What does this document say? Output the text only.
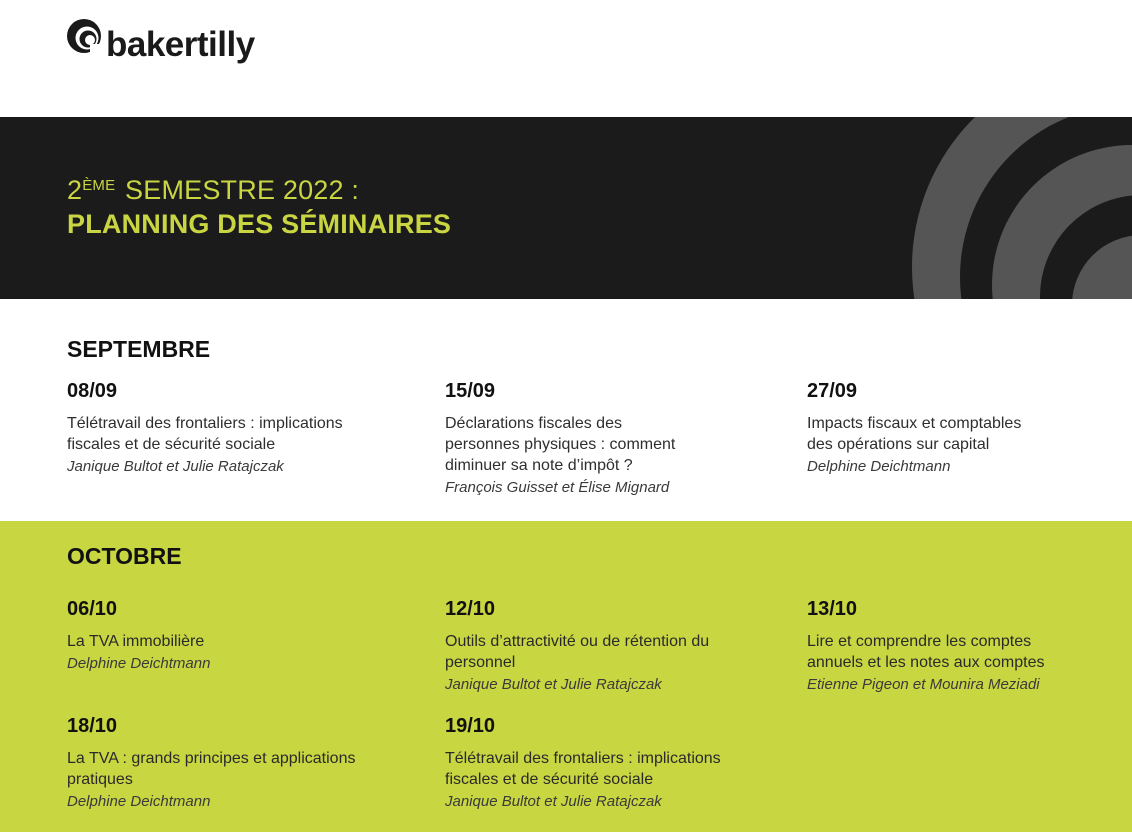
bakertilly
2ÈME SEMESTRE 2022 :
PLANNING DES SÉMINAIRES
SEPTEMBRE
08/09
Télétravail des frontaliers : implications
fiscales et de sécurité sociale
Janique Bultot et Julie Ratajczak
15/09
Déclarations fiscales des
personnes physiques : comment
diminuer sa note d’impôt ?
François Guisset et Élise Mignard
27/09
Impacts fiscaux et comptables
des opérations sur capital
Delphine Deichtmann
OCTOBRE
06/10
La TVA immobilière
Delphine Deichtmann
12/10
Outils d’attractivité ou de rétention du
personnel
Janique Bultot et Julie Ratajczak
13/10
Lire et comprendre les comptes
annuels et les notes aux comptes
Etienne Pigeon et Mounira Meziadi
18/10
La TVA : grands principes et applications
pratiques
Delphine Deichtmann
19/10
Télétravail des frontaliers : implications
fiscales et de sécurité sociale
Janique Bultot et Julie Ratajczak
